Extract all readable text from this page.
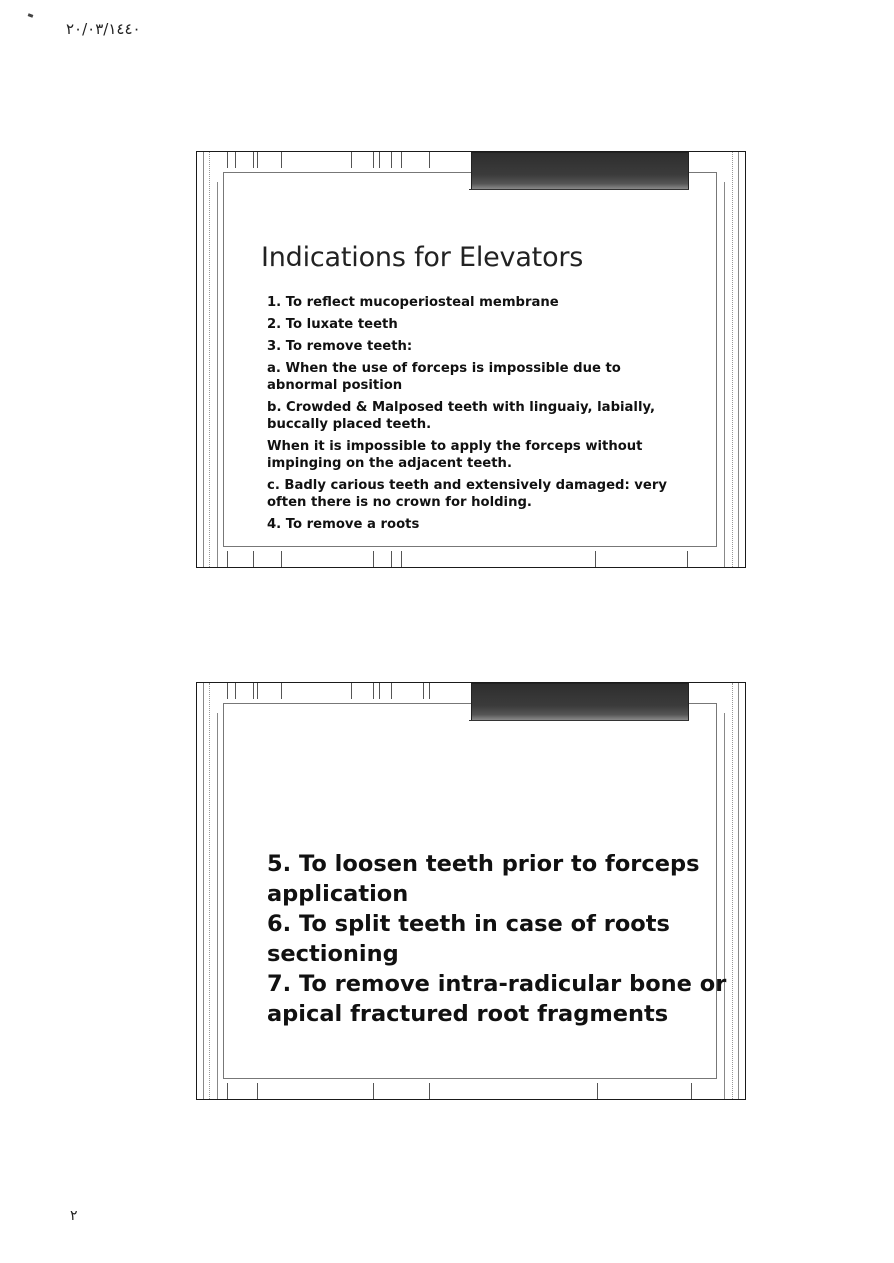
٢٠/٠٣/١٤٤٠
Indications for Elevators

1. To reflect mucoperiosteal membrane

2. To luxate teeth

3. To remove teeth:

a. When the use of forceps is impossible due to abnormal position

b. Crowded & Malposed teeth with linguaiy, labially, buccally placed teeth.

When it is impossible to apply the forceps without impinging on the adjacent teeth.

c. Badly carious teeth and extensively damaged: very often there is no crown for holding.

4. To remove a roots

5. To loosen teeth prior to forceps application

6. To split teeth in case of roots sectioning

7. To remove intra-radicular bone or apical fractured root fragments

٢
